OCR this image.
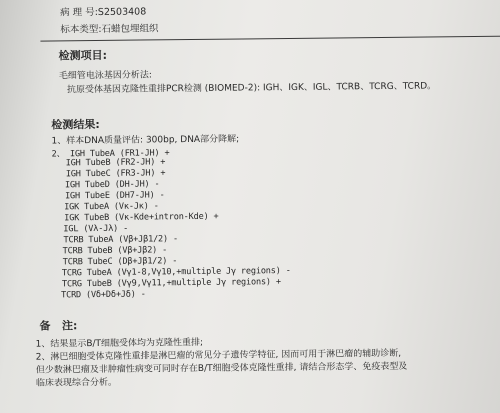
病 理 号:S2503408
标本类型:石蜡包埋组织
检测项目:
毛细管电泳基因分析法:
抗原受体基因克隆性重排PCR检测 (BIOMED-2): IGH、IGK、IGL、TCRB、TCRG、TCRD。
检测结果:
1、样本DNA质量评估: 300bp, DNA部分降解;
2、 IGH TubeA (FR1-JH) +
IGH TubeB (FR2-JH) +
IGH TubeC (FR3-JH) +
IGH TubeD (DH-JH) -
IGH TubeE (DH7-JH) -
IGK TubeA (Vκ-Jκ) -
IGK TubeB (Vκ-Kde+intron-Kde) +
IGL (Vλ-Jλ) -
TCRB TubeA (Vβ+Jβ1/2) -
TCRB TubeB (Vβ+Jβ2) -
TCRB TubeC (Dβ+Jβ1/2) -
TCRG TubeA (Vγ1-8,Vγ10,+multiple Jγ regions) -
TCRG TubeB (Vγ9,Vγ11,+multiple Jγ regions) +
TCRD (Vδ+Dδ+Jδ) -
备   注:
1、结果显示B/T细胞受体均为克隆性重排;
2、淋巴细胞受体克隆性重排是淋巴瘤的常见分子遗传学特征, 因而可用于淋巴瘤的辅助诊断,
但少数淋巴瘤及非肿瘤性病变可同时存在B/T细胞受体克隆性重排, 请结合形态学、免疫表型及
临床表现综合分析。
